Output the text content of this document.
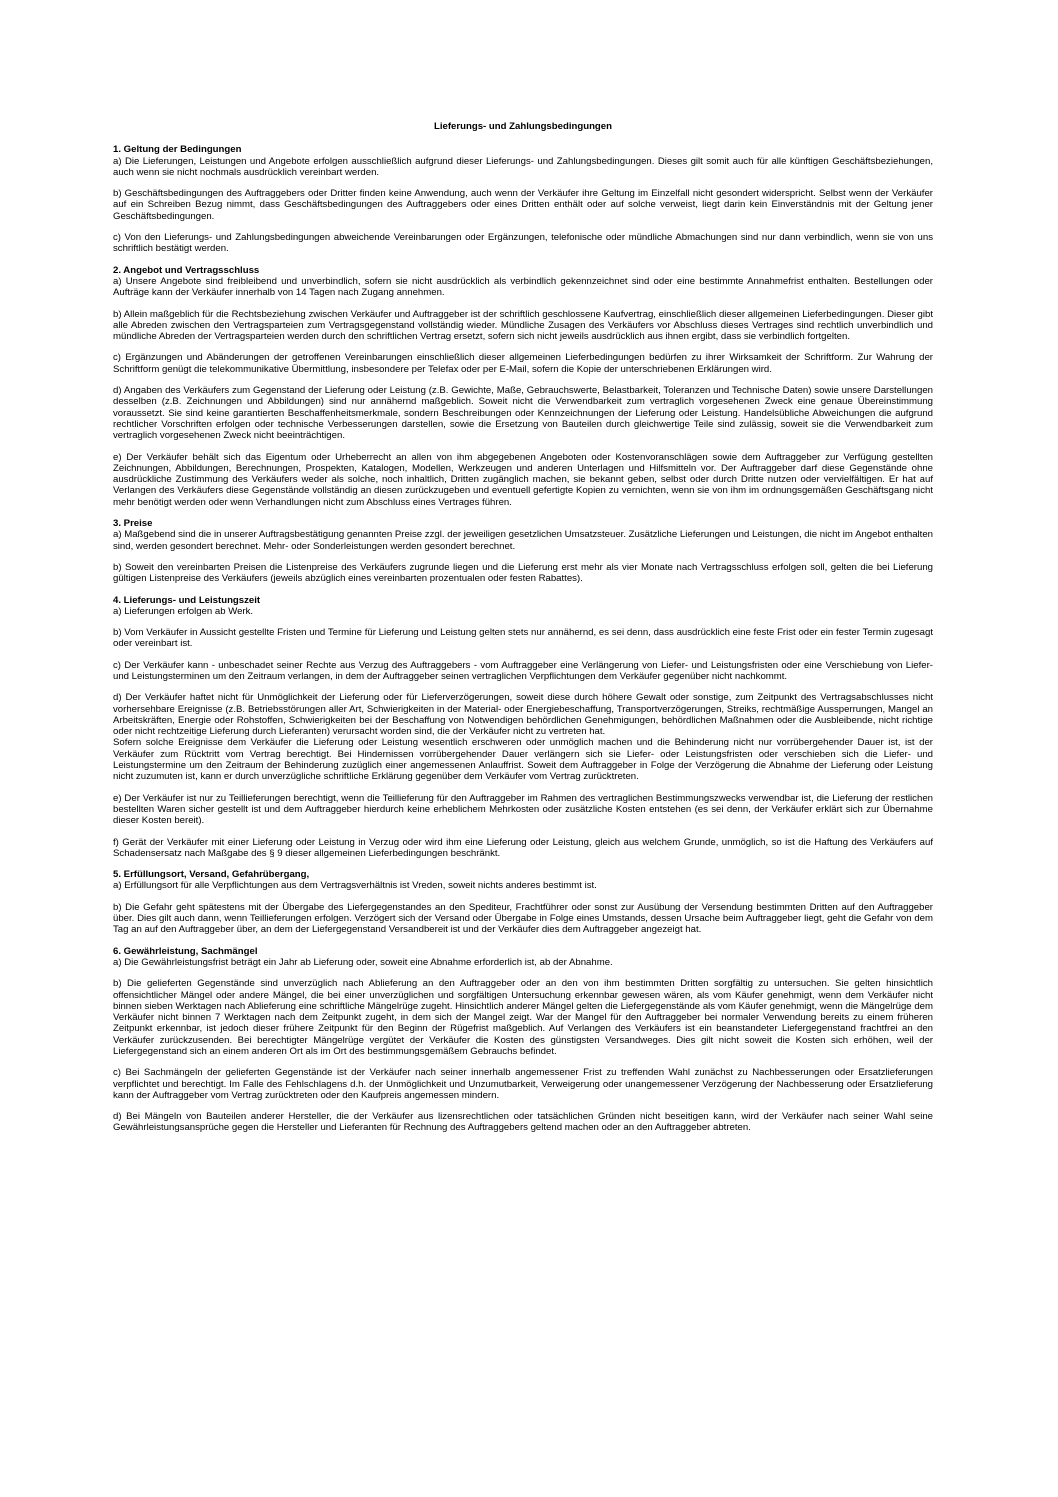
Lieferungs- und Zahlungsbedingungen
1. Geltung der Bedingungen

a) Die Lieferungen, Leistungen und Angebote erfolgen ausschließlich aufgrund dieser Lieferungs- und Zahlungsbedingungen. Dieses gilt somit auch für alle künftigen Geschäftsbeziehungen, auch wenn sie nicht nochmals ausdrücklich vereinbart werden.

b) Geschäftsbedingungen des Auftraggebers oder Dritter finden keine Anwendung, auch wenn der Verkäufer ihre Geltung im Einzelfall nicht gesondert widerspricht. Selbst wenn der Verkäufer auf ein Schreiben Bezug nimmt, dass Geschäftsbedingungen des Auftraggebers oder eines Dritten enthält oder auf solche verweist, liegt darin kein Einverständnis mit der Geltung jener Geschäftsbedingungen.

c) Von den Lieferungs- und Zahlungsbedingungen abweichende Vereinbarungen oder Ergänzungen, telefonische oder mündliche Abmachungen sind nur dann verbindlich, wenn sie von uns schriftlich bestätigt werden.

2. Angebot und Vertragsschluss

a) Unsere Angebote sind freibleibend und unverbindlich, sofern sie nicht ausdrücklich als verbindlich gekennzeichnet sind oder eine bestimmte Annahmefrist enthalten. Bestellungen oder Aufträge kann der Verkäufer innerhalb von 14 Tagen nach Zugang annehmen.

b) Allein maßgeblich für die Rechtsbeziehung zwischen Verkäufer und Auftraggeber ist der schriftlich geschlossene Kaufvertrag, einschließlich dieser allgemeinen Lieferbedingungen. Dieser gibt alle Abreden zwischen den Vertragsparteien zum Vertragsgegenstand vollständig wieder. Mündliche Zusagen des Verkäufers vor Abschluss dieses Vertrages sind rechtlich unverbindlich und mündliche Abreden der Vertragsparteien werden durch den schriftlichen Vertrag ersetzt, sofern sich nicht jeweils ausdrücklich aus ihnen ergibt, dass sie verbindlich fortgelten.

c) Ergänzungen und Abänderungen der getroffenen Vereinbarungen einschließlich dieser allgemeinen Lieferbedingungen bedürfen zu ihrer Wirksamkeit der Schriftform. Zur Wahrung der Schriftform genügt die telekommunikative Übermittlung, insbesondere per Telefax oder per E-Mail, sofern die Kopie der unterschriebenen Erklärungen wird.

d) Angaben des Verkäufers zum Gegenstand der Lieferung oder Leistung (z.B. Gewichte, Maße, Gebrauchswerte, Belastbarkeit, Toleranzen und Technische Daten) sowie unsere Darstellungen desselben (z.B. Zeichnungen und Abbildungen) sind nur annähernd maßgeblich. Soweit nicht die Verwendbarkeit zum vertraglich vorgesehenen Zweck eine genaue Übereinstimmung voraussetzt. Sie sind keine garantierten Beschaffenheitsmerkmale, sondern Beschreibungen oder Kennzeichnungen der Lieferung oder Leistung. Handelsübliche Abweichungen die aufgrund rechtlicher Vorschriften erfolgen oder technische Verbesserungen darstellen, sowie die Ersetzung von Bauteilen durch gleichwertige Teile sind zulässig, soweit sie die Verwendbarkeit zum vertraglich vorgesehenen Zweck nicht beeinträchtigen.

e) Der Verkäufer behält sich das Eigentum oder Urheberrecht an allen von ihm abgegebenen Angeboten oder Kostenvoranschlägen sowie dem Auftraggeber zur Verfügung gestellten Zeichnungen, Abbildungen, Berechnungen, Prospekten, Katalogen, Modellen, Werkzeugen und anderen Unterlagen und Hilfsmitteln vor. Der Auftraggeber darf diese Gegenstände ohne ausdrückliche Zustimmung des Verkäufers weder als solche, noch inhaltlich, Dritten zugänglich machen, sie bekannt geben, selbst oder durch Dritte nutzen oder vervielfältigen. Er hat auf Verlangen des Verkäufers diese Gegenstände vollständig an diesen zurückzugeben und eventuell gefertigte Kopien zu vernichten, wenn sie von ihm im ordnungsgemäßen Geschäftsgang nicht mehr benötigt werden oder wenn Verhandlungen nicht zum Abschluss eines Vertrages führen.

3. Preise

a) Maßgebend sind die in unserer Auftragsbestätigung genannten Preise zzgl. der jeweiligen gesetzlichen Umsatzsteuer. Zusätzliche Lieferungen und Leistungen, die nicht im Angebot enthalten sind, werden gesondert berechnet. Mehr- oder Sonderleistungen werden gesondert berechnet.

b) Soweit den vereinbarten Preisen die Listenpreise des Verkäufers zugrunde liegen und die Lieferung erst mehr als vier Monate nach Vertragsschluss erfolgen soll, gelten die bei Lieferung gültigen Listenpreise des Verkäufers (jeweils abzüglich eines vereinbarten prozentualen oder festen Rabattes).

4. Lieferungs- und Leistungszeit

a) Lieferungen erfolgen ab Werk.

b) Vom Verkäufer in Aussicht gestellte Fristen und Termine für Lieferung und Leistung gelten stets nur annähernd, es sei denn, dass ausdrücklich eine feste Frist oder ein fester Termin zugesagt oder vereinbart ist.

c) Der Verkäufer kann - unbeschadet seiner Rechte aus Verzug des Auftraggebers - vom Auftraggeber eine Verlängerung von Liefer- und Leistungsfristen oder eine Verschiebung von Liefer- und Leistungsterminen um den Zeitraum verlangen, in dem der Auftraggeber seinen vertraglichen Verpflichtungen dem Verkäufer gegenüber nicht nachkommt.

d) Der Verkäufer haftet nicht für Unmöglichkeit der Lieferung oder für Lieferverzögerungen, soweit diese durch höhere Gewalt oder sonstige, zum Zeitpunkt des Vertragsabschlusses nicht vorhersehbare Ereignisse (z.B. Betriebsstörungen aller Art, Schwierigkeiten in der Material- oder Energiebeschaffung, Transportverzögerungen, Streiks, rechtmäßige Aussperrungen, Mangel an Arbeitskräften, Energie oder Rohstoffen, Schwierigkeiten bei der Beschaffung von Notwendigen behördlichen Genehmigungen, behördlichen Maßnahmen oder die Ausbleibende, nicht richtige oder nicht rechtzeitige Lieferung durch Lieferanten) verursacht worden sind, die der Verkäufer nicht zu vertreten hat.

Sofern solche Ereignisse dem Verkäufer die Lieferung oder Leistung wesentlich erschweren oder unmöglich machen und die Behinderung nicht nur vorrübergehender Dauer ist, ist der Verkäufer zum Rücktritt vom Vertrag berechtigt. Bei Hindernissen vorrübergehender Dauer verlängern sich sie Liefer- oder Leistungsfristen oder verschieben sich die Liefer- und Leistungstermine um den Zeitraum der Behinderung zuzüglich einer angemessenen Anlauffrist. Soweit dem Auftraggeber in Folge der Verzögerung die Abnahme der Lieferung oder Leistung nicht zuzumuten ist, kann er durch unverzügliche schriftliche Erklärung gegenüber dem Verkäufer vom Vertrag zurücktreten.

e) Der Verkäufer ist nur zu Teillieferungen berechtigt, wenn die Teillieferung für den Auftraggeber im Rahmen des vertraglichen Bestimmungszwecks verwendbar ist, die Lieferung der restlichen bestellten Waren sicher gestellt ist und dem Auftraggeber hierdurch keine erheblichem Mehrkosten oder zusätzliche Kosten entstehen (es sei denn, der Verkäufer erklärt sich zur Übernahme dieser Kosten bereit).

f) Gerät der Verkäufer mit einer Lieferung oder Leistung in Verzug oder wird ihm eine Lieferung oder Leistung, gleich aus welchem Grunde, unmöglich, so ist die Haftung des Verkäufers auf Schadensersatz nach Maßgabe des § 9 dieser allgemeinen Lieferbedingungen beschränkt.

5. Erfüllungsort, Versand, Gefahrübergang,

a) Erfüllungsort für alle Verpflichtungen aus dem Vertragsverhältnis ist Vreden, soweit nichts anderes bestimmt ist.

b) Die Gefahr geht spätestens mit der Übergabe des Liefergegenstandes an den Spediteur, Frachtführer oder sonst zur Ausübung der Versendung bestimmten Dritten auf den Auftraggeber über. Dies gilt auch dann, wenn Teillieferungen erfolgen. Verzögert sich der Versand oder Übergabe in Folge eines Umstands, dessen Ursache beim Auftraggeber liegt, geht die Gefahr von dem Tag an auf den Auftraggeber über, an dem der Liefergegenstand Versandbereit ist und der Verkäufer dies dem Auftraggeber angezeigt hat.

6. Gewährleistung, Sachmängel

a) Die Gewährleistungsfrist beträgt ein Jahr ab Lieferung oder, soweit eine Abnahme erforderlich ist, ab der Abnahme.

b) Die gelieferten Gegenstände sind unverzüglich nach Ablieferung an den Auftraggeber oder an den von ihm bestimmten Dritten sorgfältig zu untersuchen. Sie gelten hinsichtlich offensichtlicher Mängel oder andere Mängel, die bei einer unverzüglichen und sorgfältigen Untersuchung erkennbar gewesen wären, als vom Käufer genehmigt, wenn dem Verkäufer nicht binnen sieben Werktagen nach Ablieferung eine schriftliche Mängelrüge zugeht. Hinsichtlich anderer Mängel gelten die Liefergegenstände als vom Käufer genehmigt, wenn die Mängelrüge dem Verkäufer nicht binnen 7 Werktagen nach dem Zeitpunkt zugeht, in dem sich der Mangel zeigt. War der Mangel für den Auftraggeber bei normaler Verwendung bereits zu einem früheren Zeitpunkt erkennbar, ist jedoch dieser frühere Zeitpunkt für den Beginn der Rügefrist maßgeblich. Auf Verlangen des Verkäufers ist ein beanstandeter Liefergegenstand frachtfrei an den Verkäufer zurückzusenden. Bei berechtigter Mängelrüge vergütet der Verkäufer die Kosten des günstigsten Versandweges. Dies gilt nicht soweit die Kosten sich erhöhen, weil der Liefergegenstand sich an einem anderen Ort als im Ort des bestimmungsgemäßem Gebrauchs befindet.

c) Bei Sachmängeln der gelieferten Gegenstände ist der Verkäufer nach seiner innerhalb angemessener Frist zu treffenden Wahl zunächst zu Nachbesserungen oder Ersatzlieferungen verpflichtet und berechtigt. Im Falle des Fehlschlagens d.h. der Unmöglichkeit und Unzumutbarkeit, Verweigerung oder unangemessener Verzögerung der Nachbesserung oder Ersatzlieferung kann der Auftraggeber vom Vertrag zurücktreten oder den Kaufpreis angemessen mindern.

d) Bei Mängeln von Bauteilen anderer Hersteller, die der Verkäufer aus lizensrechtlichen oder tatsächlichen Gründen nicht beseitigen kann, wird der Verkäufer nach seiner Wahl seine Gewährleistungsansprüche gegen die Hersteller und Lieferanten für Rechnung des Auftraggebers geltend machen oder an den Auftraggeber abtreten.
